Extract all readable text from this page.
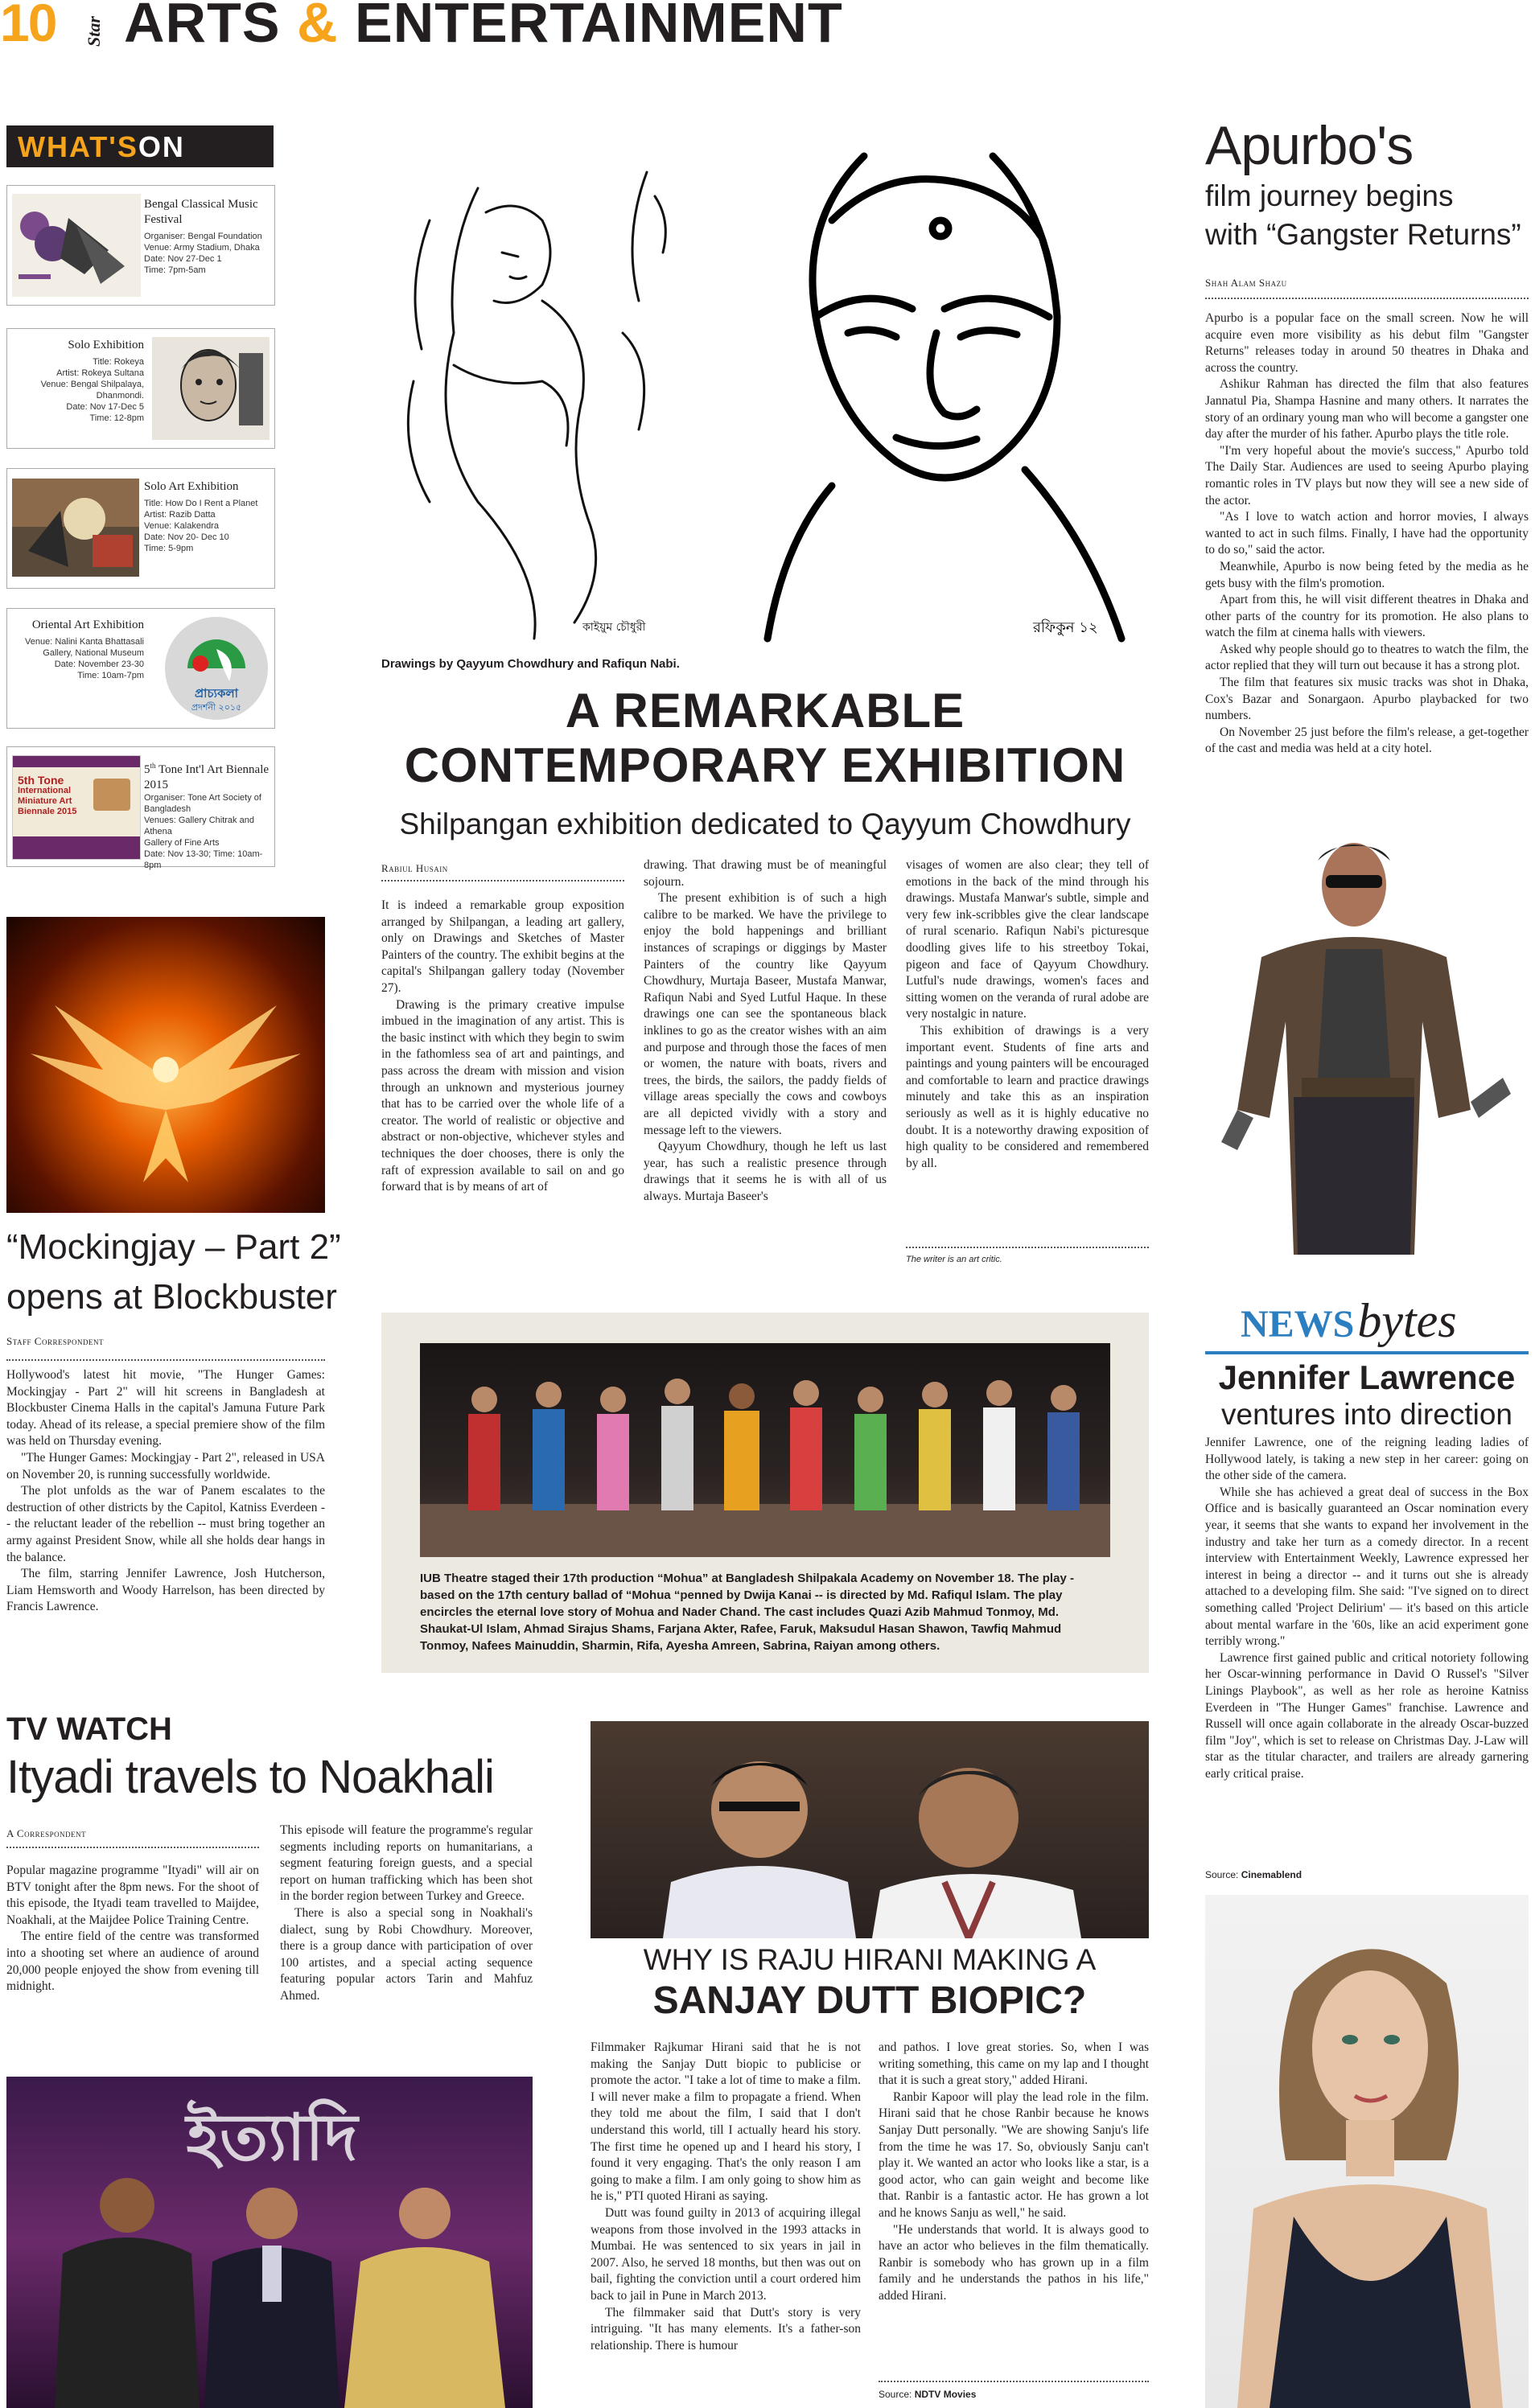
10 Star ARTS & ENTERTAINMENT
WHAT'SON
Bengal Classical Music Festival
Organiser: Bengal Foundation
Venue: Army Stadium, Dhaka
Date: Nov 27-Dec 1
Time: 7pm-5am
Solo Exhibition
Title: Rokeya
Artist: Rokeya Sultana
Venue: Bengal Shilpalaya,
Dhanmondi.
Date: Nov 17-Dec 5
Time: 12-8pm
Solo Art Exhibition
Title: How Do I Rent a Planet
Artist: Razib Datta
Venue: Kalakendra
Date: Nov 20- Dec 10
Time: 5-9pm
Oriental Art Exhibition
Venue: Nalini Kanta Bhattasali
Gallery, National Museum
Date: November 23-30
Time: 10am-7pm
প্রাচ্যকলা
প্রদর্শনী ২০১৫
5th Tone
International
Miniature Art
Biennale 2015
5th Tone Int'l Art Biennale 2015
Organiser: Tone Art Society of
Bangladesh
Venues: Gallery Chitrak and Athena
Gallery of Fine Arts
Date: Nov 13-30; Time: 10am-8pm
“Mockingjay – Part 2”
opens at Blockbuster
Staff Correspondent

Hollywood's latest hit movie, "The Hunger Games: Mockingjay - Part 2" will hit screens in Bangladesh at Blockbuster Cinema Halls in the capital's Jamuna Future Park today. Ahead of its release, a special premiere show of the film was held on Thursday evening.

"The Hunger Games: Mockingjay - Part 2", released in USA on November 20, is running successfully worldwide.

The plot unfolds as the war of Panem escalates to the destruction of other districts by the Capitol, Katniss Everdeen -- the reluctant leader of the rebellion -- must bring together an army against President Snow, while all she holds dear hangs in the balance.

The film, starring Jennifer Lawrence, Josh Hutcherson, Liam Hemsworth and Woody Harrelson, has been directed by Francis Lawrence.

কাইয়ুম চৌধুরী	রফিকুন ১২
Drawings by Qayyum Chowdhury and Rafiqun Nabi.
A REMARKABLE
CONTEMPORARY EXHIBITION
Shilpangan exhibition dedicated to Qayyum Chowdhury
Rabiul Husain

It is indeed a remarkable group exposition arranged by Shilpangan, a leading art gallery, only on Drawings and Sketches of Master Painters of the country. The exhibit begins at the capital's Shilpangan gallery today (November 27).

Drawing is the primary creative impulse imbued in the imagination of any artist. This is the basic instinct with which they begin to swim in the fathomless sea of art and paintings, and pass across the dream with mission and vision through an unknown and mysterious journey that has to be carried over the whole life of a creator. The world of realistic or objective and abstract or non-objective, whichever styles and techniques the doer chooses, there is only the raft of expression available to sail on and go forward that is by means of art of

drawing. That drawing must be of meaningful sojourn.

The present exhibition is of such a high calibre to be marked. We have the privilege to enjoy the bold happenings and brilliant instances of scrapings or diggings by Master Painters of the country like Qayyum Chowdhury, Murtaja Baseer, Mustafa Manwar, Rafiqun Nabi and Syed Lutful Haque. In these drawings one can see the spontaneous black inklines to go as the creator wishes with an aim and purpose and through those the faces of men or women, the nature with boats, rivers and trees, the birds, the sailors, the paddy fields of village areas specially the cows and cowboys are all depicted vividly with a story and message left to the viewers.

Qayyum Chowdhury, though he left us last year, has such a realistic presence through drawings that it seems he is with all of us always. Murtaja Baseer's

visages of women are also clear; they tell of emotions in the back of the mind through his drawings. Mustafa Manwar's subtle, simple and very few ink-scribbles give the clear landscape of rural scenario. Rafiqun Nabi's picturesque doodling gives life to his streetboy Tokai, pigeon and face of Qayyum Chowdhury. Lutful's nude drawings, women's faces and sitting women on the veranda of rural adobe are very nostalgic in nature.

This exhibition of drawings is a very important event. Students of fine arts and paintings and young painters will be encouraged and comfortable to learn and practice drawings minutely and take this as an inspiration seriously as well as it is highly educative no doubt. It is a noteworthy drawing exposition of high quality to be considered and remembered by all.

The writer is an art critic.
Apurbo's
film journey begins
with “Gangster Returns”
Shah Alam Shazu

Apurbo is a popular face on the small screen. Now he will acquire even more visibility as his debut film "Gangster Returns" releases today in around 50 theatres in Dhaka and across the country.

Ashikur Rahman has directed the film that also features Jannatul Pia, Shampa Hasnine and many others. It narrates the story of an ordinary young man who will become a gangster one day after the murder of his father. Apurbo plays the title role.

"I'm very hopeful about the movie's success," Apurbo told The Daily Star. Audiences are used to seeing Apurbo playing romantic roles in TV plays but now they will see a new side of the actor.

"As I love to watch action and horror movies, I always wanted to act in such films. Finally, I have had the opportunity to do so," said the actor.

Meanwhile, Apurbo is now being feted by the media as he gets busy with the film's promotion.

Apart from this, he will visit different theatres in Dhaka and other parts of the country for its promotion. He also plans to watch the film at cinema halls with viewers.

Asked why people should go to theatres to watch the film, the actor replied that they will turn out because it has a strong plot.

The film that features six music tracks was shot in Dhaka, Cox's Bazar and Sonargaon. Apurbo playbacked for two numbers.

On November 25 just before the film's release, a get-together of the cast and media was held at a city hotel.

IUB Theatre staged their 17th production “Mohua” at Bangladesh Shilpakala Academy on November 18. The play - based on the 17th century ballad of “Mohua “penned by Dwija Kanai -- is directed by Md. Rafiqul Islam. The play encircles the eternal love story of Mohua and Nader Chand. The cast includes Quazi Azib Mahmud Tonmoy, Md. Shaukat-Ul Islam, Ahmad Sirajus Shams, Farjana Akter, Rafee, Faruk, Maksudul Hasan Shawon, Tawfiq Mahmud Tonmoy, Nafees Mainuddin, Sharmin, Rifa, Ayesha Amreen, Sabrina, Raiyan among others.
NEWS bytes
Jennifer Lawrence
ventures into direction

Jennifer Lawrence, one of the reigning leading ladies of Hollywood lately, is taking a new step in her career: going on the other side of the camera.

While she has achieved a great deal of success in the Box Office and is basically guaranteed an Oscar nomination every year, it seems that she wants to expand her involvement in the industry and take her turn as a comedy director. In a recent interview with Entertainment Weekly, Lawrence expressed her interest in being a director -- and it turns out she is already attached to a developing film. She said: "I've signed on to direct something called 'Project Delirium' — it's based on this article about mental warfare in the '60s, like an acid experiment gone terribly wrong."

Lawrence first gained public and critical notoriety following her Oscar-winning performance in David O Russel's "Silver Linings Playbook", as well as her role as heroine Katniss Everdeen in "The Hunger Games" franchise. Lawrence and Russell will once again collaborate in the already Oscar-buzzed film "Joy", which is set to release on Christmas Day. J-Law will star as the titular character, and trailers are already garnering early critical praise.

Source: Cinemablend
TV WATCH
Ityadi travels to Noakhali
A Correspondent

Popular magazine programme "Ityadi" will air on BTV tonight after the 8pm news. For the shoot of this episode, the Ityadi team travelled to Maijdee, Noakhali, at the Maijdee Police Training Centre.

The entire field of the centre was transformed into a shooting set where an audience of around 20,000 people enjoyed the show from evening till midnight.

This episode will feature the programme's regular segments including reports on humanitarians, a segment featuring foreign guests, and a special report on human trafficking which has been shot in the border region between Turkey and Greece.

There is also a special song in Noakhali's dialect, sung by Robi Chowdhury. Moreover, there is a group dance with participation of over 100 artistes, and a special acting sequence featuring popular actors Tarin and Mahfuz Ahmed.

ইত্যাদি
WHY IS RAJU HIRANI MAKING A
SANJAY DUTT BIOPIC?

Filmmaker Rajkumar Hirani said that he is not making the Sanjay Dutt biopic to publicise or promote the actor. "I take a lot of time to make a film. I will never make a film to propagate a friend. When they told me about the film, I said that I don't understand this world, till I actually heard his story. The first time he opened up and I heard his story, I found it very engaging. That's the only reason I am going to make a film. I am only going to show him as he is," PTI quoted Hirani as saying.

Dutt was found guilty in 2013 of acquiring illegal weapons from those involved in the 1993 attacks in Mumbai. He was sentenced to six years in jail in 2007. Also, he served 18 months, but then was out on bail, fighting the conviction until a court ordered him back to jail in Pune in March 2013.

The filmmaker said that Dutt's story is very intriguing. "It has many elements. It's a father-son relationship. There is humour

and pathos. I love great stories. So, when I was writing something, this came on my lap and I thought that it is such a great story," added Hirani.

Ranbir Kapoor will play the lead role in the film. Hirani said that he chose Ranbir because he knows Sanjay Dutt personally. "We are showing Sanju's life from the time he was 17. So, obviously Sanju can't play it. We wanted an actor who looks like a star, is a good actor, who can gain weight and become like that. Ranbir is a fantastic actor. He has grown a lot and he knows Sanju as well," he said.

"He understands that world. It is always good to have an actor who believes in the film thematically. Ranbir is somebody who has grown up in a film family and he understands the pathos in his life," added Hirani.

Source: NDTV Movies
